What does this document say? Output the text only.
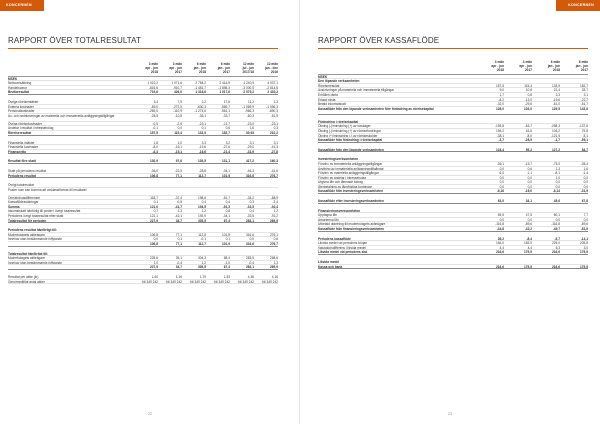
KONCERNEN
RAPPORT ÖVER TOTALRESULTAT
3 mån
apr - jun
2018
3 mån
apr - jun
2017
6 mån
jan - jun
2018
6 mån
jan - jun
2017
12 mån
jul - jun
2017/18
12 mån
jan - dec
2016
MSEK
Nettoomsättning	1 022,2	1 071,6	2 784,2	2 416,9	4 240,9	4 037,1
Handelsvaror	-816,6	-910,7	-1 481,7	-1 898,3	-3 000,5	-2 814,6
Bruttoresultat	719,6	426,0	1 316,6	1 017,6	2 079,2	2 430,2
Övriga rörelseintäkter	3,4	7,9	2,2	17,8	11,2	2,3
Externa kostnader	-89,0	-272,5	-630,3	-569,7	-1 069,9	-1 096,3
Personalkostnader	-269,0	-110,9	-1 273,6	-561,1	-966,3	-890,3
Av- och nedskrivningar av materiella och immateriella anläggningstillgångar	-28,5	-10,8	-36,1	-33,7	-60,3	-51,9
Övriga rörelsekostnader	-0,5	-2,5	-23,1	-11,7	-23,0	-23,1
Andelar i resultat i intressebolag	-0,1	0,0	0,1	0,6	1,6	0,3
Rörelseresultat	157,5	115,4	133,9	152,7	30,93	210,2
Finansiella intäkter	1,8	1,0	3,3	3,2	3,1	3,1
Finansiella kostnader	-8,0	-16,1	-19,6	-27,6	-29,0	-41,3
Finansnetto	-6,3	-15,1	-16,6	-21,4	-31,9	-27,8
Resultat före skatt	130,9	97,6	139,5	131,1	417,2	160,3
Skatt på periodens resultat	-36,0	-22,5	-28,8	-34,1	-46,3	-41,6
Periodens resultat	106,8	77,1	112,7	101,9	316,6	276,7
Övrigt totalresultat
Poster som kan komma att omklassificeras till resultatet
Omräkningsdifferenser	118,7	-37,4	198,6	-51,7	-34,2	-88,9
Kassaflödessäkringar	0,1	-0,5	0,4	0,4	0,3	-3,4
Summa	121,0	-41,7	194,5	-51,3	-32,5	-92,4
Inkomstskatt hänförlig till poster i övrigt totalresultat	0,7	1,3	1,2	0,8	0,4	1,2
Periodens övrigt totalresultat efter skatt	121,1	-42,1	193,9	-34,1	-33,5	-91,2
Totalresultat för perioden	227,9	34,7	305,5	67,4	283,1	269,9
Periodens resultat hänförligt till:
Moderbolagets aktieägare	106,8	77,1	112,8	101,8	316,6	276,1
Innehav utan bestämmande inflytande	0,0	0,1	-0,1	0,1	0,0	0,6
106,8	77,1	112,7	101,9	316,6	276,7
Totalresultat hänförligt till:
Moderbolagets aktieägare	228,6	35,1	304,3	68,4	283,5	268,6
Innehav utan bestämmande inflytande	1,0	-0,4	1,2	-1,0	-0,4	1,3
227,9	34,7	305,5	67,4	283,1	269,9
Resultat per aktie (kr)	1,60	1,16	1,79	1,53	4,36	4,16
Genomsnittligt antal aktier	66 349 242	66 349 242	66 349 242	66 349 242	66 349 242	66 349 242
22
KONCERNEN
RAPPORT ÖVER KASSAFLÖDE
3 mån
apr - jun
2018
3 mån
apr - jun
2017
6 mån
jan - jun
2018
6 mån
jan - jun
2017
MSEK
Den löpande verksamheten
Rörelseresultat	157,5	115,4	133,9	152,7
Avskrivningar på materiella och immateriella tillgångar	9,0	10,8	21,4	33,7
Erhållen ränta	1,7	0,8	3,3	3,1
Erlagd ränta	-8,2	-13,0	-19,6	-22,7
Betald inkomstskatt	-32,0	-29,6	-61,0	-51,7
Kassaflöde från den löpande verksamheten före förändring av rörelsekapital	128,0	103,0	129,5	143,8
Förändring i rörelsekapital
Ökning (-)/minskning (+) av varulager	-159,8	-63,7	-258,3	-137,6
Ökning (-)/minskning (+) av rörelsefordringar	194,2	43,6	104,2	75,8
Ökning (+)/minskning (-) av rörelseskulder	-38,1	-8,0	-121,5	-3,1
Kassaflöde från förändring i rörelsekapital	-3,7	-28,9	-1,7	-59,1
Kassaflöde från den löpande verksamheten	124,4	59,2	127,2	84,7
Investeringsverksamheten
Förvärv av immateriella anläggningstillgångar	-36,1	-19,7	-75,0	-36,4
Avyttring av immateriella anläggningstillgångar	0,0	0,6	1,3	1,6
Förvärv av materiella anläggningstillgångar	-6,0	-1,1	-8,1	-1,4
Förvärv av andelar i intressebolag	0,0	0,0	1,0	0,0
Utgivna lån och lämnade bidrag	0,0	0,0	0,0	0,0
Återbetalning av långfristiga fordringar	0,0	0,0	0,0	0,0
Kassaflöde från investeringsverksamheten	-6,16	-16,0	-8,14	-31,9
Kassaflöde efter investeringsverksamheten	63,0	34,1	45,6	67,8
Finansieringsverksamheten
Upptagna lån	69,5	47,5	60,1	7,7
Amortering lån	0,0	0,0	0,0	0,0
Utbetald utdelning till moderbolagets aktieägare	-116,8	-89,6	-116,8	-89,6
Kassaflöde från finansieringsverksamheten	-34,8	-42,2	-49,7	-81,9
Periodens kassaflöde	28,2	-8,4	-9,7	-14,1
Likvida medel vid periodens början	184,0	183,9	225,0	205,8
Valutakursdifferens i likvida medel	4,4	4,4	6,3	3,0
Likvida medel vid periodens slut	216,6	179,9	216,6	179,9
Likvida medel
Kassa och bank	216,6	179,9	216,6	179,9
23
